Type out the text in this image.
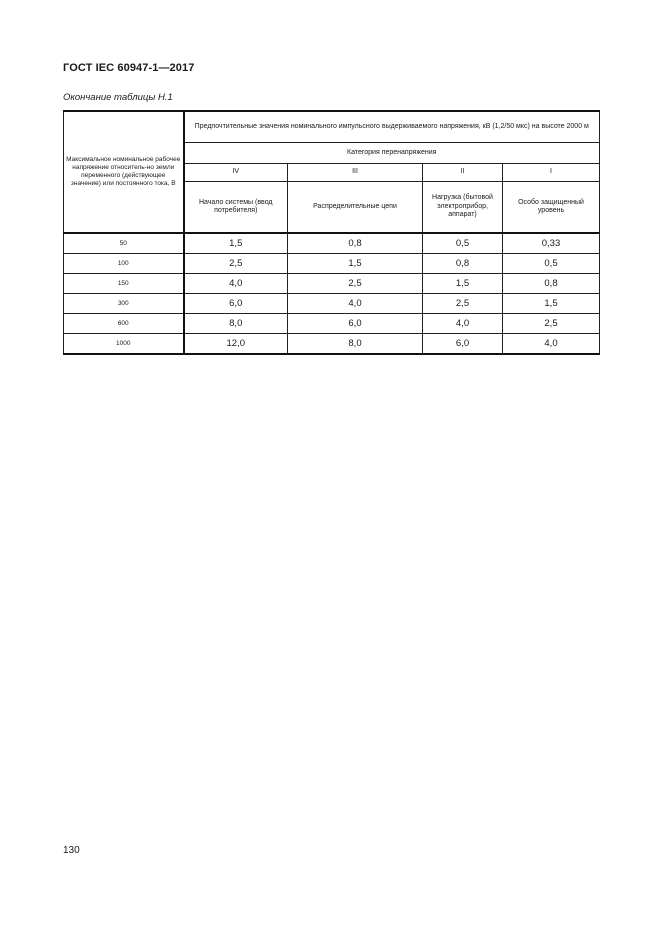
ГОСТ IEC 60947-1—2017
Окончание таблицы Н.1
Максимальное номинальное рабочее напряжение относитель-но земли переменного (действующее значение) или постоянного тока, В	Предпочтительные значения номинального импульсного выдерживаемого напряжения, кВ (1,2/50 мкс) на высоте 2000 м			
	Категория перенапряжения			
	IV	III	II	I
	Начало системы (ввод потребителя)	Распределительные цепи	Нагрузка (бытовой электроприбор, аппарат)	Особо защищенный уровень
50	1,5	0,8	0,5	0,33
100	2,5	1,5	0,8	0,5
150	4,0	2,5	1,5	0,8
300	6,0	4,0	2,5	1,5
600	8,0	6,0	4,0	2,5
1000	12,0	8,0	6,0	4,0
130
